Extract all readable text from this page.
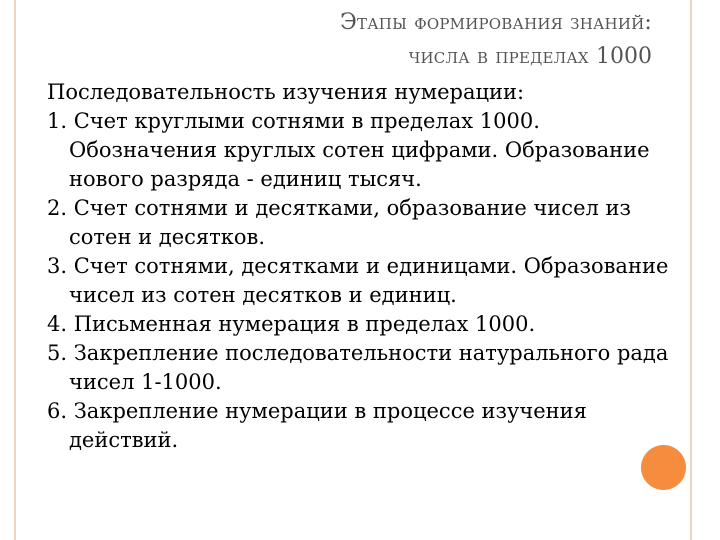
Этапы формирования знаний:
числа в пределах 1000

Последовательность изучения нумерации:

1. Счет круглыми сотнями в пределах 1000. Обозначения круглых сотен цифрами. Образование нового разряда - единиц тысяч.

2. Счет сотнями и десятками, образование чисел из сотен и десятков.

3. Счет сотнями, десятками и единицами. Образование чисел из сотен десятков и единиц.

4. Письменная нумерация в пределах 1000.

5. Закрепление последовательности натурального рада чисел 1-1000.

6. Закрепление нумерации в процессе изучения действий.
